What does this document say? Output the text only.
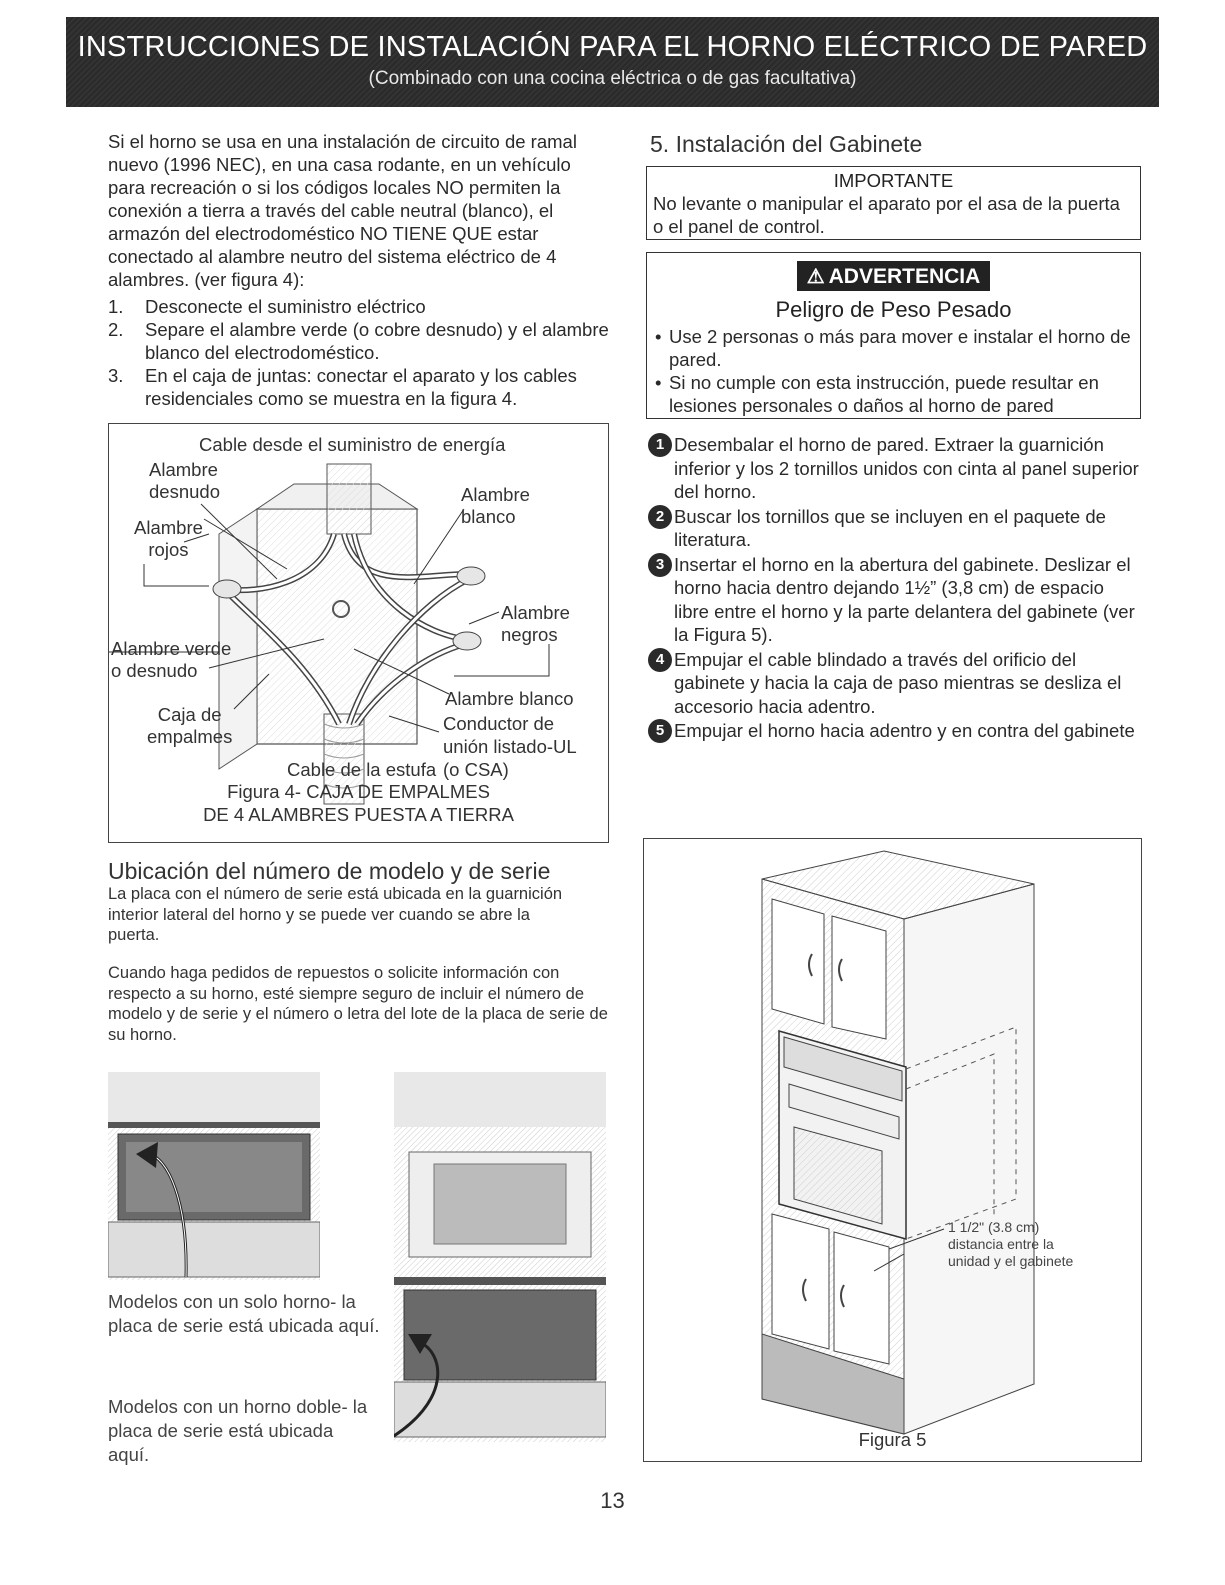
INSTRUCCIONES DE INSTALACIÓN PARA EL HORNO ELÉCTRICO DE PARED
(Combinado con una cocina eléctrica o de gas facultativa)
Si el horno se usa en una instalación de circuito de ramal nuevo (1996 NEC), en una casa rodante, en un vehículo para recreación o si los códigos locales NO permiten la conexión a tierra a través del cable neutral (blanco), el armazón del electrodoméstico NO TIENE QUE estar conectado al alambre neutro del sistema eléctrico de 4 alambres. (ver figura 4):
1.	Desconecte el suministro eléctrico
2.	Separe el alambre verde (o cobre desnudo) y el alambre blanco del electrodoméstico.
3.	En el caja de juntas: conectar el aparato y los cables residenciales como se muestra en la figura 4.
Cable desde el suministro de energía
Alambre
desnudo
Alambre
rojos
Alambre
blanco
Alambre
negros
Alambre verde
o desnudo
Alambre blanco
Conductor de
unión listado-UL
(o CSA)
Caja de
empalmes
Cable de la estufa
Figura 4- CAJA DE EMPALMES
DE 4 ALAMBRES PUESTA A TIERRA
Ubicación del número de modelo y de serie
La placa con el número de serie está ubicada en la guarnición interior lateral del horno y se puede ver cuando se abre la puerta.
Cuando haga pedidos de repuestos o solicite información con respecto a su horno, esté siempre seguro de incluir el número de modelo y de serie y el número o letra del lote de la placa de serie de su horno.
Modelos con un solo horno- la placa de serie está ubicada aquí.
Modelos con un horno doble- la placa de serie está ubicada aquí.
5. Instalación del Gabinete
IMPORTANTE
No levante o manipular el aparato por el asa de la puerta o el panel de control.
⚠ ADVERTENCIA
Peligro de Peso Pesado
• Use 2 personas o más para mover e instalar el horno de pared.
• Si no cumple con esta instrucción, puede resultar en lesiones personales o daños al horno de pared
1 Desembalar el horno de pared. Extraer la guarnición inferior y los 2 tornillos unidos con cinta al panel superior del horno.
2 Buscar los tornillos que se incluyen en el paquete de literatura.
3 Insertar el horno en la abertura del gabinete. Deslizar el horno hacia dentro dejando 1½” (3,8 cm) de espacio libre entre el horno y la parte delantera del gabinete (ver la Figura 5).
4 Empujar el cable blindado a través del orificio del gabinete y hacia la caja de paso mientras se desliza el accesorio hacia adentro.
5 Empujar el horno hacia adentro y en contra del gabinete
1 1/2" (3.8 cm)
distancia entre la
unidad y el gabinete
Figura 5
13
